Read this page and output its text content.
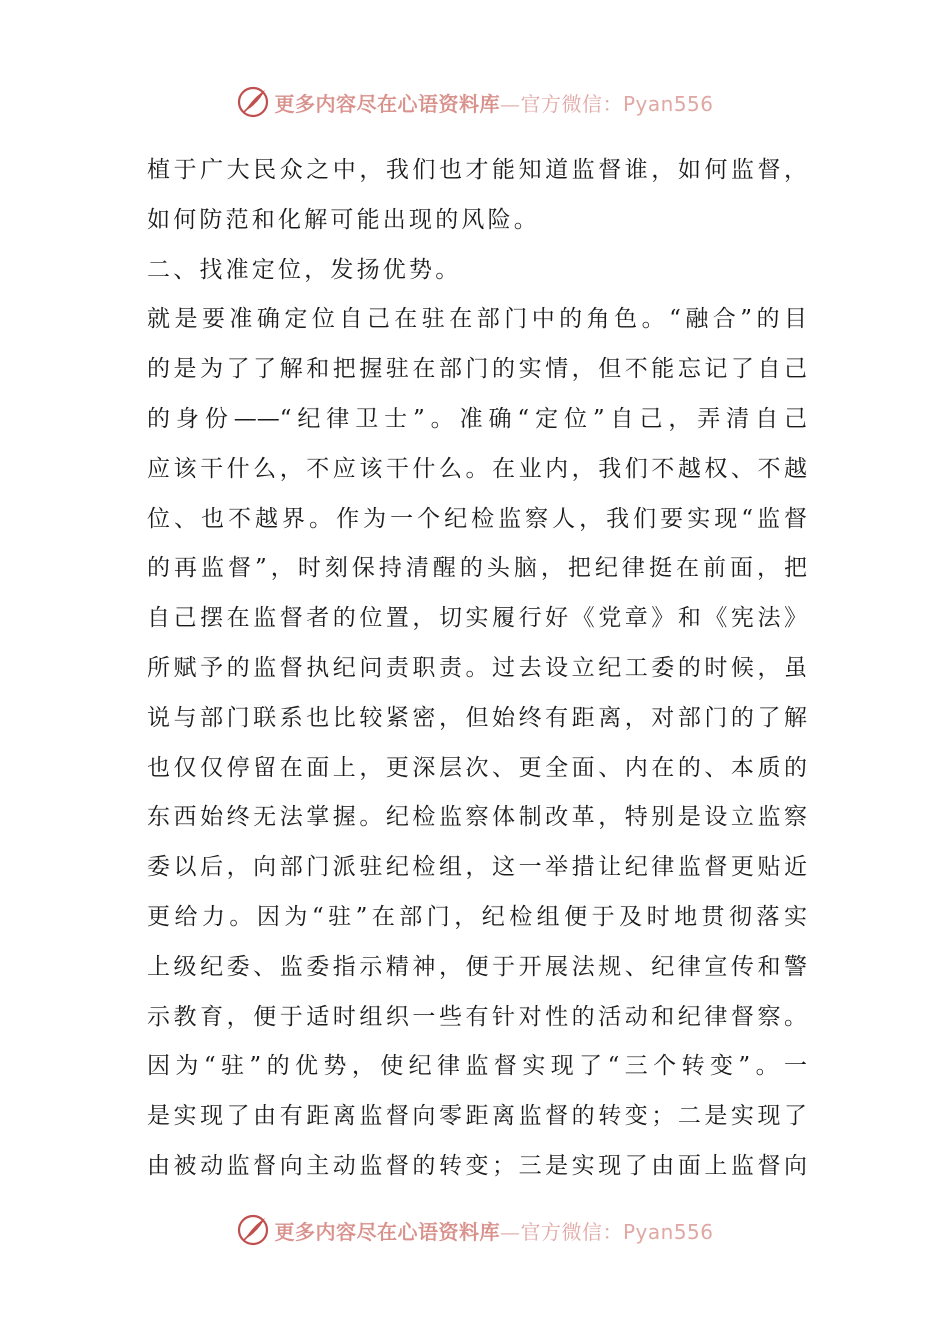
更多内容尽在心语资料库—官方微信：Pyan556
植于广大民众之中，我们也才能知道监督谁，如何监督，
如何防范和化解可能出现的风险。
二、找准定位，发扬优势。
就是要准确定位自己在驻在部门中的角色。“融合”的目
的是为了了解和把握驻在部门的实情，但不能忘记了自己
的身份——“纪律卫士”。准确“定位”自己，弄清自己
应该干什么，不应该干什么。在业内，我们不越权、不越
位、也不越界。作为一个纪检监察人，我们要实现“监督
的再监督”，时刻保持清醒的头脑，把纪律挺在前面，把
自己摆在监督者的位置，切实履行好《党章》和《宪法》
所赋予的监督执纪问责职责。过去设立纪工委的时候，虽
说与部门联系也比较紧密，但始终有距离，对部门的了解
也仅仅停留在面上，更深层次、更全面、内在的、本质的
东西始终无法掌握。纪检监察体制改革，特别是设立监察
委以后，向部门派驻纪检组，这一举措让纪律监督更贴近
更给力。因为“驻”在部门，纪检组便于及时地贯彻落实
上级纪委、监委指示精神，便于开展法规、纪律宣传和警
示教育，便于适时组织一些有针对性的活动和纪律督察。
因为“驻”的优势，使纪律监督实现了“三个转变”。一
是实现了由有距离监督向零距离监督的转变；二是实现了
由被动监督向主动监督的转变；三是实现了由面上监督向
更多内容尽在心语资料库—官方微信：Pyan556
